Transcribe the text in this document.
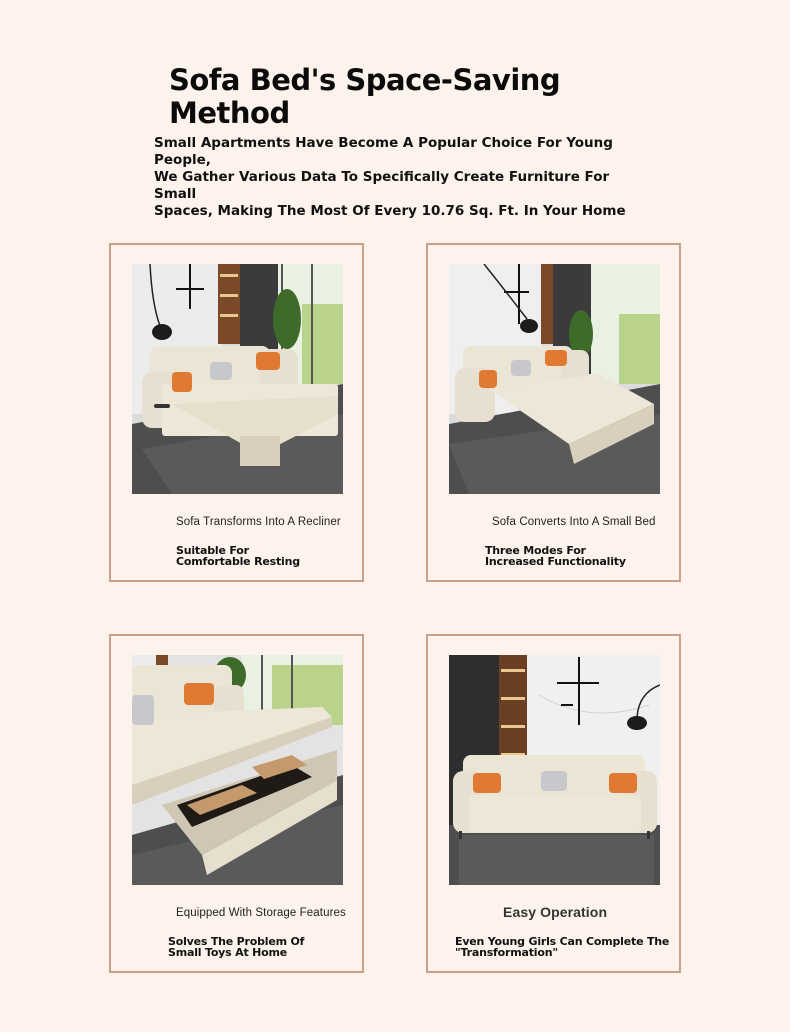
Sofa Bed's Space-Saving
Method
Small Apartments Have Become A Popular Choice For Young People,
We Gather Various Data To Specifically Create Furniture For Small
Spaces, Making The Most Of Every 10.76 Sq. Ft. In Your Home
Sofa Transforms Into A Recliner
Suitable For
Comfortable Resting
Sofa Converts Into A Small Bed
Three Modes For
Increased Functionality
Equipped With Storage Features
Solves The Problem Of
Small Toys At Home
Easy Operation
Even Young Girls Can Complete The
"Transformation"
